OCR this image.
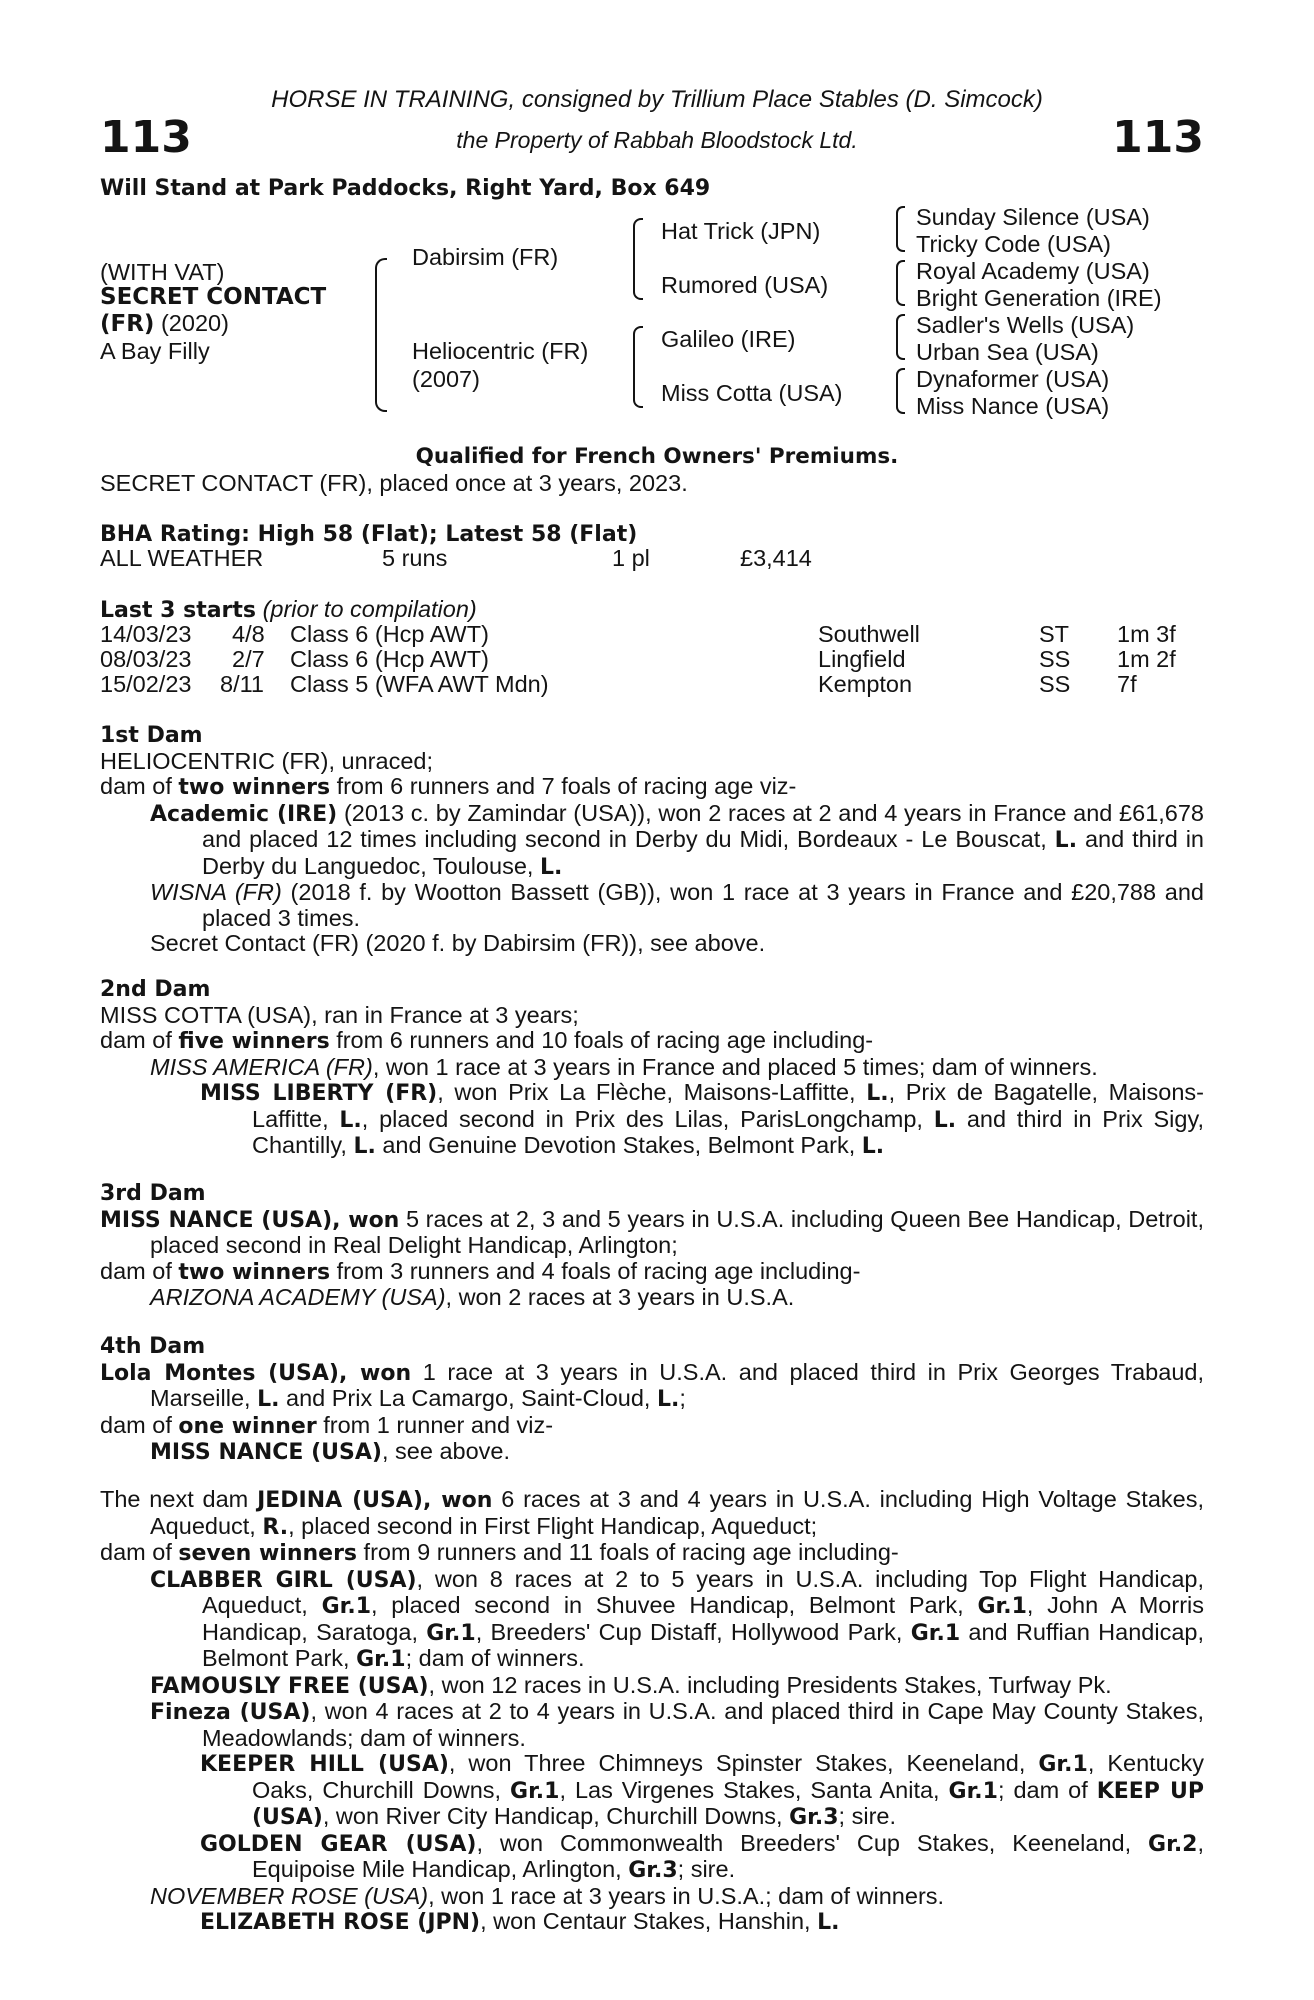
113	113
HORSE IN TRAINING, consigned by Trillium Place Stables (D. Simcock)
the Property of Rabbah Bloodstock Ltd.
Will Stand at Park Paddocks, Right Yard, Box 649
(WITH VAT)
SECRET CONTACT
(FR) (2020)
A Bay Filly
Dabirsim (FR)
Heliocentric (FR)
(2007)
Hat Trick (JPN)
Rumored (USA)
Galileo (IRE)
Miss Cotta (USA)
Sunday Silence (USA)
Tricky Code (USA)
Royal Academy (USA)
Bright Generation (IRE)
Sadler's Wells (USA)
Urban Sea (USA)
Dynaformer (USA)
Miss Nance (USA)
Qualified for French Owners' Premiums.
SECRET CONTACT (FR), placed once at 3 years, 2023.
BHA Rating: High 58 (Flat); Latest 58 (Flat)
ALL WEATHER	5 runs	1 pl	£3,414
Last 3 starts (prior to compilation)
14/03/23 4/8 Class 6 (Hcp AWT)	Southwell	ST 1m 3f
08/03/23 2/7 Class 6 (Hcp AWT)	Lingfield	SS 1m 2f
15/02/23 8/11 Class 5 (WFA AWT Mdn)	Kempton	SS 7f

1st Dam

HELIOCENTRIC (FR), unraced;

dam of two winners from 6 runners and 7 foals of racing age viz-

Academic (IRE) (2013 c. by Zamindar (USA)), won 2 races at 2 and 4 years in France and £61,678 and placed 12 times including second in Derby du Midi, Bordeaux - Le Bouscat, L. and third in Derby du Languedoc, Toulouse, L.

WISNA (FR) (2018 f. by Wootton Bassett (GB)), won 1 race at 3 years in France and £20,788 and placed 3 times.

Secret Contact (FR) (2020 f. by Dabirsim (FR)), see above.

2nd Dam

MISS COTTA (USA), ran in France at 3 years;

dam of five winners from 6 runners and 10 foals of racing age including-

MISS AMERICA (FR), won 1 race at 3 years in France and placed 5 times; dam of winners.

MISS LIBERTY (FR), won Prix La Flèche, Maisons-Laffitte, L., Prix de Bagatelle, Maisons-Laffitte, L., placed second in Prix des Lilas, ParisLongchamp, L. and third in Prix Sigy, Chantilly, L. and Genuine Devotion Stakes, Belmont Park, L.

3rd Dam

MISS NANCE (USA), won 5 races at 2, 3 and 5 years in U.S.A. including Queen Bee Handicap, Detroit, placed second in Real Delight Handicap, Arlington;

dam of two winners from 3 runners and 4 foals of racing age including-

ARIZONA ACADEMY (USA), won 2 races at 3 years in U.S.A.

4th Dam

Lola Montes (USA), won 1 race at 3 years in U.S.A. and placed third in Prix Georges Trabaud, Marseille, L. and Prix La Camargo, Saint-Cloud, L.;

dam of one winner from 1 runner and viz-

MISS NANCE (USA), see above.

The next dam JEDINA (USA), won 6 races at 3 and 4 years in U.S.A. including High Voltage Stakes, Aqueduct, R., placed second in First Flight Handicap, Aqueduct;

dam of seven winners from 9 runners and 11 foals of racing age including-

CLABBER GIRL (USA), won 8 races at 2 to 5 years in U.S.A. including Top Flight Handicap, Aqueduct, Gr.1, placed second in Shuvee Handicap, Belmont Park, Gr.1, John A Morris Handicap, Saratoga, Gr.1, Breeders' Cup Distaff, Hollywood Park, Gr.1 and Ruffian Handicap, Belmont Park, Gr.1; dam of winners.

FAMOUSLY FREE (USA), won 12 races in U.S.A. including Presidents Stakes, Turfway Pk.

Fineza (USA), won 4 races at 2 to 4 years in U.S.A. and placed third in Cape May County Stakes, Meadowlands; dam of winners.

KEEPER HILL (USA), won Three Chimneys Spinster Stakes, Keeneland, Gr.1, Kentucky Oaks, Churchill Downs, Gr.1, Las Virgenes Stakes, Santa Anita, Gr.1; dam of KEEP UP (USA), won River City Handicap, Churchill Downs, Gr.3; sire.

GOLDEN GEAR (USA), won Commonwealth Breeders' Cup Stakes, Keeneland, Gr.2, Equipoise Mile Handicap, Arlington, Gr.3; sire.

NOVEMBER ROSE (USA), won 1 race at 3 years in U.S.A.; dam of winners.

ELIZABETH ROSE (JPN), won Centaur Stakes, Hanshin, L.
